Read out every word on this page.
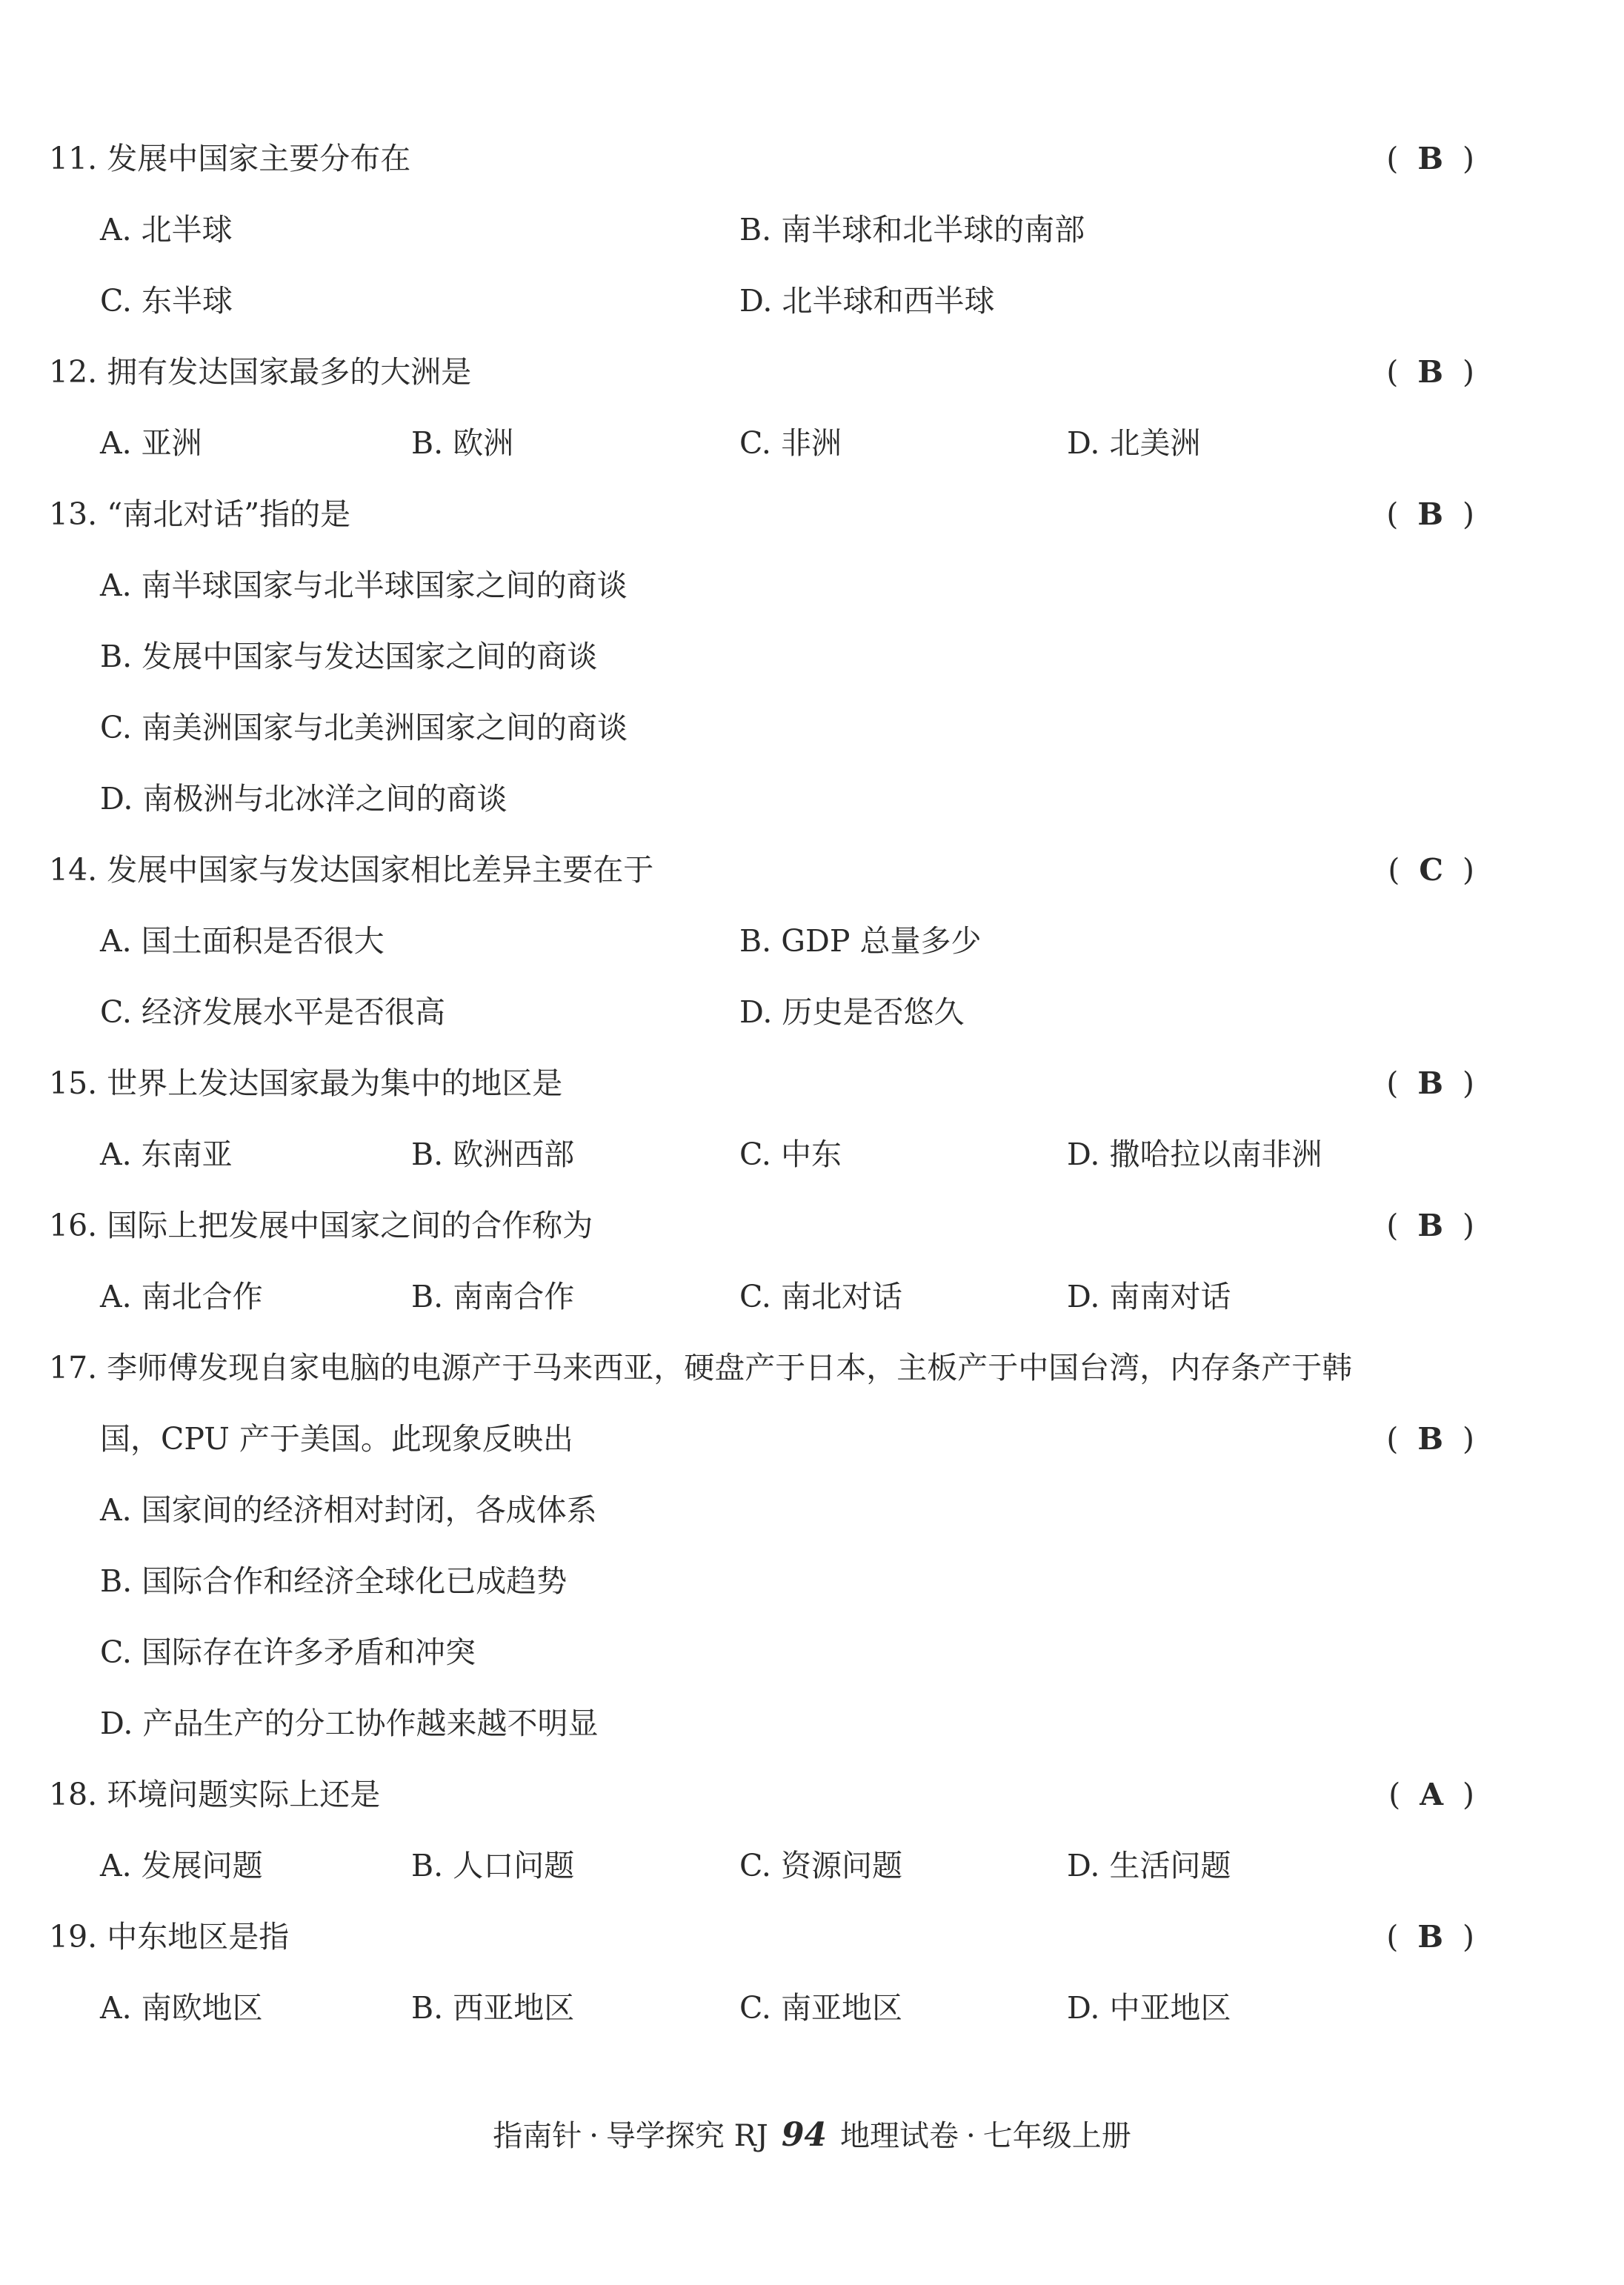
11. 发展中国家主要分布在	( B )
A. 北半球	B. 南半球和北半球的南部
C. 东半球	D. 北半球和西半球
12. 拥有发达国家最多的大洲是	( B )
A. 亚洲	B. 欧洲	C. 非洲	D. 北美洲
13. “南北对话”指的是	( B )
A. 南半球国家与北半球国家之间的商谈
B. 发展中国家与发达国家之间的商谈
C. 南美洲国家与北美洲国家之间的商谈
D. 南极洲与北冰洋之间的商谈
14. 发展中国家与发达国家相比差异主要在于	( C )
A. 国土面积是否很大	B. GDP 总量多少
C. 经济发展水平是否很高	D. 历史是否悠久
15. 世界上发达国家最为集中的地区是	( B )
A. 东南亚	B. 欧洲西部	C. 中东	D. 撒哈拉以南非洲
16. 国际上把发展中国家之间的合作称为	( B )
A. 南北合作	B. 南南合作	C. 南北对话	D. 南南对话
17. 李师傅发现自家电脑的电源产于马来西亚，硬盘产于日本，主板产于中国台湾，内存条产于韩
国，CPU 产于美国。此现象反映出	( B )
A. 国家间的经济相对封闭，各成体系
B. 国际合作和经济全球化已成趋势
C. 国际存在许多矛盾和冲突
D. 产品生产的分工协作越来越不明显
18. 环境问题实际上还是	( A )
A. 发展问题	B. 人口问题	C. 资源问题	D. 生活问题
19. 中东地区是指	( B )
A. 南欧地区	B. 西亚地区	C. 南亚地区	D. 中亚地区
指南针 · 导学探究 RJ 94 地理试卷 · 七年级上册
